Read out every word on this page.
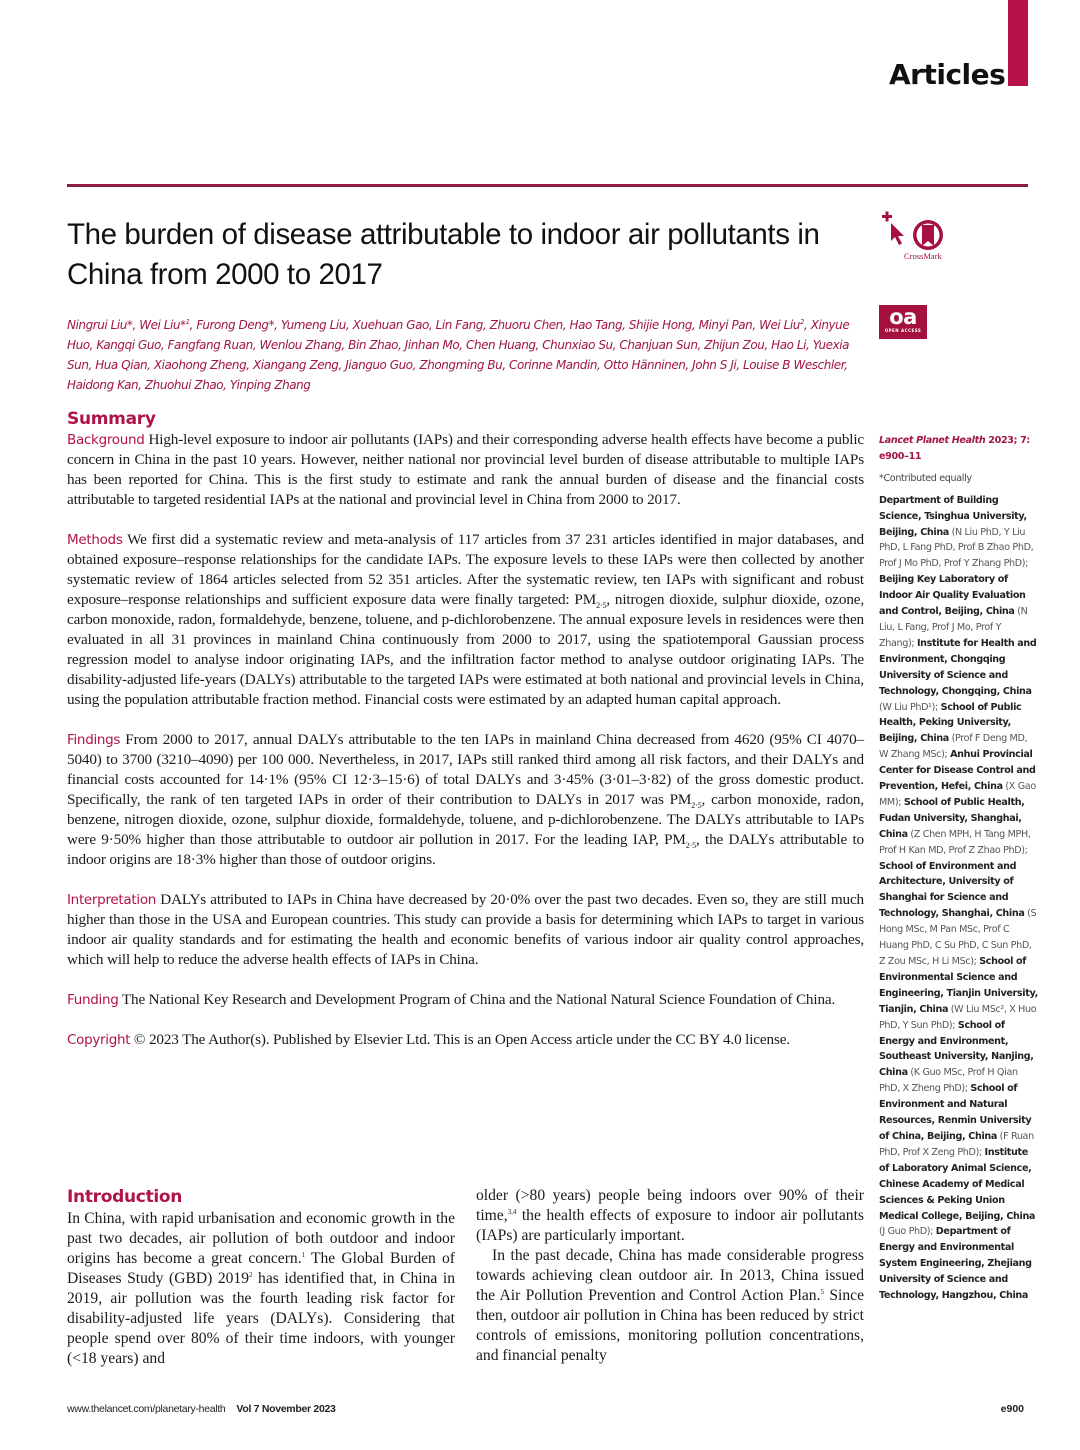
Articles
The burden of disease attributable to indoor air pollutants in China from 2000 to 2017
CrossMark
oa
OPEN ACCESS
Ningrui Liu*, Wei Liu*$^1$, Furong Deng*, Yumeng Liu, Xuehuan Gao, Lin Fang, Zhuoru Chen, Hao Tang, Shijie Hong, Minyi Pan, Wei Liu$^2$, Xinyue Huo, Kangqi Guo, Fangfang Ruan, Wenlou Zhang, Bin Zhao, Jinhan Mo, Chen Huang, Chunxiao Su, Chanjuan Sun, Zhijun Zou, Hao Li, Yuexia Sun, Hua Qian, Xiaohong Zheng, Xiangang Zeng, Jianguo Guo, Zhongming Bu, Corinne Mandin, Otto Hänninen, John S Ji, Louise B Weschler, Haidong Kan, Zhuohui Zhao, Yinping Zhang
Summary

Background High-level exposure to indoor air pollutants (IAPs) and their corresponding adverse health effects have become a public concern in China in the past 10 years. However, neither national nor provincial level burden of disease attributable to multiple IAPs has been reported for China. This is the first study to estimate and rank the annual burden of disease and the financial costs attributable to targeted residential IAPs at the national and provincial level in China from 2000 to 2017.

Methods We first did a systematic review and meta-analysis of 117 articles from 37 231 articles identified in major databases, and obtained exposure–response relationships for the candidate IAPs. The exposure levels to these IAPs were then collected by another systematic review of 1864 articles selected from 52 351 articles. After the systematic review, ten IAPs with significant and robust exposure–response relationships and sufficient exposure data were finally targeted: $PM_{2\cdot 5}$, nitrogen dioxide, sulphur dioxide, ozone, carbon monoxide, radon, formaldehyde, benzene, toluene, and p-dichlorobenzene. The annual exposure levels in residences were then evaluated in all 31 provinces in mainland China continuously from 2000 to 2017, using the spatiotemporal Gaussian process regression model to analyse indoor originating IAPs, and the infiltration factor method to analyse outdoor originating IAPs. The disability-adjusted life-years (DALYs) attributable to the targeted IAPs were estimated at both national and provincial levels in China, using the population attributable fraction method. Financial costs were estimated by an adapted human capital approach.

Findings From 2000 to 2017, annual DALYs attributable to the ten IAPs in mainland China decreased from 4620 (95% CI 4070–5040) to 3700 (3210–4090) per 100 000. Nevertheless, in 2017, IAPs still ranked third among all risk factors, and their DALYs and financial costs accounted for 14·1% (95% CI 12·3–15·6) of total DALYs and 3·45% (3·01–3·82) of the gross domestic product. Specifically, the rank of ten targeted IAPs in order of their contribution to DALYs in 2017 was $PM_{2\cdot 5}$, carbon monoxide, radon, benzene, nitrogen dioxide, ozone, sulphur dioxide, formaldehyde, toluene, and p-dichlorobenzene. The DALYs attributable to IAPs were 9·50% higher than those attributable to outdoor air pollution in 2017. For the leading IAP, $PM_{2\cdot 5}$, the DALYs attributable to indoor origins are 18·3% higher than those of outdoor origins.

Interpretation DALYs attributed to IAPs in China have decreased by 20·0% over the past two decades. Even so, they are still much higher than those in the USA and European countries. This study can provide a basis for determining which IAPs to target in various indoor air quality standards and for estimating the health and economic benefits of various indoor air quality control approaches, which will help to reduce the adverse health effects of IAPs in China.

Funding The National Key Research and Development Program of China and the National Natural Science Foundation of China.

Copyright © 2023 The Author(s). Published by Elsevier Ltd. This is an Open Access article under the CC BY 4.0 license.

Introduction

In China, with rapid urbanisation and economic growth in the past two decades, air pollution of both outdoor and indoor origins has become a great concern.$^1$ The Global Burden of Diseases Study (GBD) 2019$^2$ has identified that, in China in 2019, air pollution was the fourth leading risk factor for disability-adjusted life years (DALYs). Considering that people spend over 80% of their time indoors, with younger (<18 years) and

older (>80 years) people being indoors over 90% of their time,$^{3,4}$ the health effects of exposure to indoor air pollutants (IAPs) are particularly important.

In the past decade, China has made considerable progress towards achieving clean outdoor air. In 2013, China issued the Air Pollution Prevention and Control Action Plan.$^5$ Since then, outdoor air pollution in China has been reduced by strict controls of emissions, monitoring pollution concentrations, and financial penalty

Lancet Planet Health 2023; 7: e900–11
*Contributed equally
Department of Building Science, Tsinghua University, Beijing, China (N Liu PhD, Y Liu PhD, L Fang PhD, Prof B Zhao PhD, Prof J Mo PhD, Prof Y Zhang PhD); Beijing Key Laboratory of Indoor Air Quality Evaluation and Control, Beijing, China (N Liu, L Fang, Prof J Mo, Prof Y Zhang); Institute for Health and Environment, Chongqing University of Science and Technology, Chongqing, China (W Liu PhD¹); School of Public Health, Peking University, Beijing, China (Prof F Deng MD, W Zhang MSc); Anhui Provincial Center for Disease Control and Prevention, Hefei, China (X Gao MM); School of Public Health, Fudan University, Shanghai, China (Z Chen MPH, H Tang MPH, Prof H Kan MD, Prof Z Zhao PhD); School of Environment and Architecture, University of Shanghai for Science and Technology, Shanghai, China (S Hong MSc, M Pan MSc, Prof C Huang PhD, C Su PhD, C Sun PhD, Z Zou MSc, H Li MSc); School of Environmental Science and Engineering, Tianjin University, Tianjin, China (W Liu MSc², X Huo PhD, Y Sun PhD); School of Energy and Environment, Southeast University, Nanjing, China (K Guo MSc, Prof H Qian PhD, X Zheng PhD); School of Environment and Natural Resources, Renmin University of China, Beijing, China (F Ruan PhD, Prof X Zeng PhD); Institute of Laboratory Animal Science, Chinese Academy of Medical Sciences & Peking Union Medical College, Beijing, China (J Guo PhD); Department of Energy and Environmental System Engineering, Zhejiang University of Science and Technology, Hangzhou, China
www.thelancet.com/planetary-health Vol 7 November 2023	e900
